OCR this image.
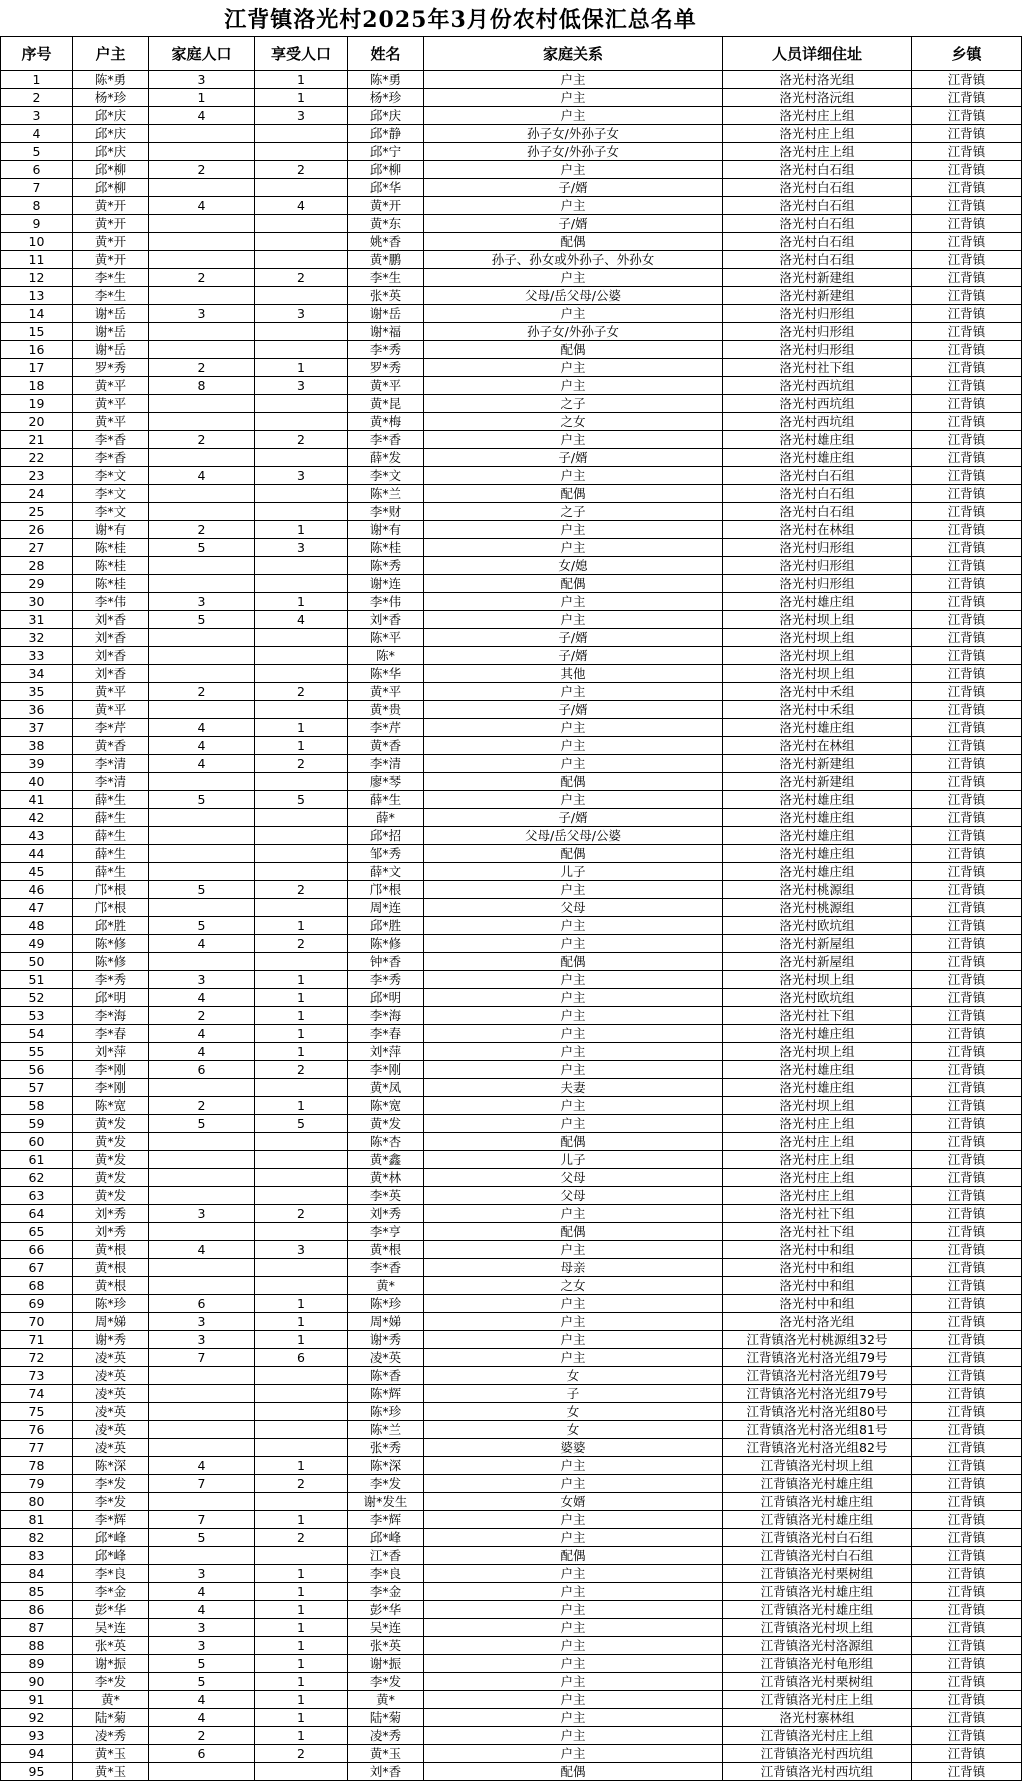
江背镇洛光村2025年3月份农村低保汇总名单
序号	户主	家庭人口	享受人口	姓名	家庭关系	人员详细住址	乡镇
1	陈*勇	3	1	陈*勇	户主	洛光村洛光组	江背镇
2	杨*珍	1	1	杨*珍	户主	洛光村洛沅组	江背镇
3	邱*庆	4	3	邱*庆	户主	洛光村庄上组	江背镇
4	邱*庆			邱*静	孙子女/外孙子女	洛光村庄上组	江背镇
5	邱*庆			邱*宁	孙子女/外孙子女	洛光村庄上组	江背镇
6	邱*柳	2	2	邱*柳	户主	洛光村白石组	江背镇
7	邱*柳			邱*华	子/婿	洛光村白石组	江背镇
8	黄*开	4	4	黄*开	户主	洛光村白石组	江背镇
9	黄*开			黄*东	子/婿	洛光村白石组	江背镇
10	黄*开			姚*香	配偶	洛光村白石组	江背镇
11	黄*开			黄*鹏	孙子、孙女或外孙子、外孙女	洛光村白石组	江背镇
12	李*生	2	2	李*生	户主	洛光村新建组	江背镇
13	李*生			张*英	父母/岳父母/公婆	洛光村新建组	江背镇
14	谢*岳	3	3	谢*岳	户主	洛光村归形组	江背镇
15	谢*岳			谢*福	孙子女/外孙子女	洛光村归形组	江背镇
16	谢*岳			李*秀	配偶	洛光村归形组	江背镇
17	罗*秀	2	1	罗*秀	户主	洛光村社下组	江背镇
18	黄*平	8	3	黄*平	户主	洛光村西坑组	江背镇
19	黄*平			黄*昆	之子	洛光村西坑组	江背镇
20	黄*平			黄*梅	之女	洛光村西坑组	江背镇
21	李*香	2	2	李*香	户主	洛光村雄庄组	江背镇
22	李*香			薛*发	子/婿	洛光村雄庄组	江背镇
23	李*文	4	3	李*文	户主	洛光村白石组	江背镇
24	李*文			陈*兰	配偶	洛光村白石组	江背镇
25	李*文			李*财	之子	洛光村白石组	江背镇
26	谢*有	2	1	谢*有	户主	洛光村在林组	江背镇
27	陈*桂	5	3	陈*桂	户主	洛光村归形组	江背镇
28	陈*桂			陈*秀	女/媳	洛光村归形组	江背镇
29	陈*桂			谢*连	配偶	洛光村归形组	江背镇
30	李*伟	3	1	李*伟	户主	洛光村雄庄组	江背镇
31	刘*香	5	4	刘*香	户主	洛光村坝上组	江背镇
32	刘*香			陈*平	子/婿	洛光村坝上组	江背镇
33	刘*香			陈*	子/婿	洛光村坝上组	江背镇
34	刘*香			陈*华	其他	洛光村坝上组	江背镇
35	黄*平	2	2	黄*平	户主	洛光村中禾组	江背镇
36	黄*平			黄*贵	子/婿	洛光村中禾组	江背镇
37	李*芹	4	1	李*芹	户主	洛光村雄庄组	江背镇
38	黄*香	4	1	黄*香	户主	洛光村在林组	江背镇
39	李*清	4	2	李*清	户主	洛光村新建组	江背镇
40	李*清			廖*琴	配偶	洛光村新建组	江背镇
41	薛*生	5	5	薛*生	户主	洛光村雄庄组	江背镇
42	薛*生			薛*	子/婿	洛光村雄庄组	江背镇
43	薛*生			邱*招	父母/岳父母/公婆	洛光村雄庄组	江背镇
44	薛*生			邹*秀	配偶	洛光村雄庄组	江背镇
45	薛*生			薛*文	儿子	洛光村雄庄组	江背镇
46	邝*根	5	2	邝*根	户主	洛光村桃源组	江背镇
47	邝*根			周*连	父母	洛光村桃源组	江背镇
48	邱*胜	5	1	邱*胜	户主	洛光村欧坑组	江背镇
49	陈*修	4	2	陈*修	户主	洛光村新屋组	江背镇
50	陈*修			钟*香	配偶	洛光村新屋组	江背镇
51	李*秀	3	1	李*秀	户主	洛光村坝上组	江背镇
52	邱*明	4	1	邱*明	户主	洛光村欧坑组	江背镇
53	李*海	2	1	李*海	户主	洛光村社下组	江背镇
54	李*春	4	1	李*春	户主	洛光村雄庄组	江背镇
55	刘*萍	4	1	刘*萍	户主	洛光村坝上组	江背镇
56	李*刚	6	2	李*刚	户主	洛光村雄庄组	江背镇
57	李*刚			黄*凤	夫妻	洛光村雄庄组	江背镇
58	陈*宽	2	1	陈*宽	户主	洛光村坝上组	江背镇
59	黄*发	5	5	黄*发	户主	洛光村庄上组	江背镇
60	黄*发			陈*杏	配偶	洛光村庄上组	江背镇
61	黄*发			黄*鑫	儿子	洛光村庄上组	江背镇
62	黄*发			黄*林	父母	洛光村庄上组	江背镇
63	黄*发			李*英	父母	洛光村庄上组	江背镇
64	刘*秀	3	2	刘*秀	户主	洛光村社下组	江背镇
65	刘*秀			李*亨	配偶	洛光村社下组	江背镇
66	黄*根	4	3	黄*根	户主	洛光村中和组	江背镇
67	黄*根			李*香	母亲	洛光村中和组	江背镇
68	黄*根			黄*	之女	洛光村中和组	江背镇
69	陈*珍	6	1	陈*珍	户主	洛光村中和组	江背镇
70	周*娣	3	1	周*娣	户主	洛光村洛光组	江背镇
71	谢*秀	3	1	谢*秀	户主	江背镇洛光村桃源组32号	江背镇
72	凌*英	7	6	凌*英	户主	江背镇洛光村洛光组79号	江背镇
73	凌*英			陈*香	女	江背镇洛光村洛光组79号	江背镇
74	凌*英			陈*辉	子	江背镇洛光村洛光组79号	江背镇
75	凌*英			陈*珍	女	江背镇洛光村洛光组80号	江背镇
76	凌*英			陈*兰	女	江背镇洛光村洛光组81号	江背镇
77	凌*英			张*秀	婆婆	江背镇洛光村洛光组82号	江背镇
78	陈*深	4	1	陈*深	户主	江背镇洛光村坝上组	江背镇
79	李*发	7	2	李*发	户主	江背镇洛光村雄庄组	江背镇
80	李*发			谢*发生	女婿	江背镇洛光村雄庄组	江背镇
81	李*辉	7	1	李*辉	户主	江背镇洛光村雄庄组	江背镇
82	邱*峰	5	2	邱*峰	户主	江背镇洛光村白石组	江背镇
83	邱*峰			江*香	配偶	江背镇洛光村白石组	江背镇
84	李*良	3	1	李*良	户主	江背镇洛光村栗树组	江背镇
85	李*金	4	1	李*金	户主	江背镇洛光村雄庄组	江背镇
86	彭*华	4	1	彭*华	户主	江背镇洛光村雄庄组	江背镇
87	吴*连	3	1	吴*连	户主	江背镇洛光村坝上组	江背镇
88	张*英	3	1	张*英	户主	江背镇洛光村洛源组	江背镇
89	谢*振	5	1	谢*振	户主	江背镇洛光村龟形组	江背镇
90	李*发	5	1	李*发	户主	江背镇洛光村栗树组	江背镇
91	黄*	4	1	黄*	户主	江背镇洛光村庄上组	江背镇
92	陆*菊	4	1	陆*菊	户主	洛光村寨林组	江背镇
93	凌*秀	2	1	凌*秀	户主	江背镇洛光村庄上组	江背镇
94	黄*玉	6	2	黄*玉	户主	江背镇洛光村西坑组	江背镇
95	黄*玉			刘*香	配偶	江背镇洛光村西坑组	江背镇
